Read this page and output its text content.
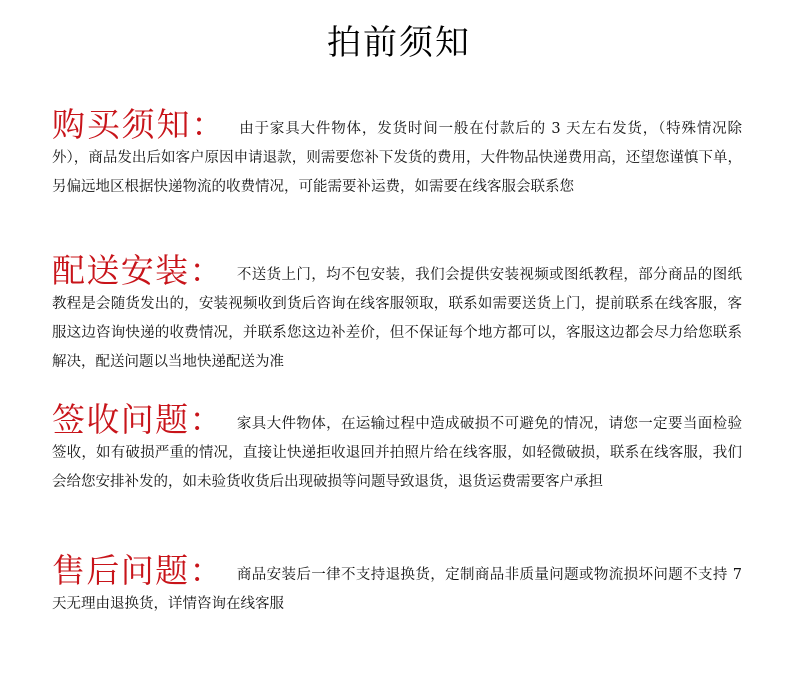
拍前须知
购买须知： 由于家具大件物体，发货时间一般在付款后的 3 天左右发货，（特殊情况除外），商品发出后如客户原因申请退款，则需要您补下发货的费用，大件物品快递费用高，还望您谨慎下单，另偏远地区根据快递物流的收费情况，可能需要补运费，如需要在线客服会联系您
配送安装： 不送货上门，均不包安装，我们会提供安装视频或图纸教程，部分商品的图纸教程是会随货发出的，安装视频收到货后咨询在线客服领取，联系如需要送货上门，提前联系在线客服，客服这边咨询快递的收费情况，并联系您这边补差价，但不保证每个地方都可以，客服这边都会尽力给您联系解决，配送问题以当地快递配送为准
签收问题： 家具大件物体，在运输过程中造成破损不可避免的情况，请您一定要当面检验签收，如有破损严重的情况，直接让快递拒收退回并拍照片给在线客服，如轻微破损，联系在线客服，我们会给您安排补发的，如未验货收货后出现破损等问题导致退货，退货运费需要客户承担
售后问题： 商品安装后一律不支持退换货，定制商品非质量问题或物流损坏问题不支持 7 天无理由退换货，详情咨询在线客服
